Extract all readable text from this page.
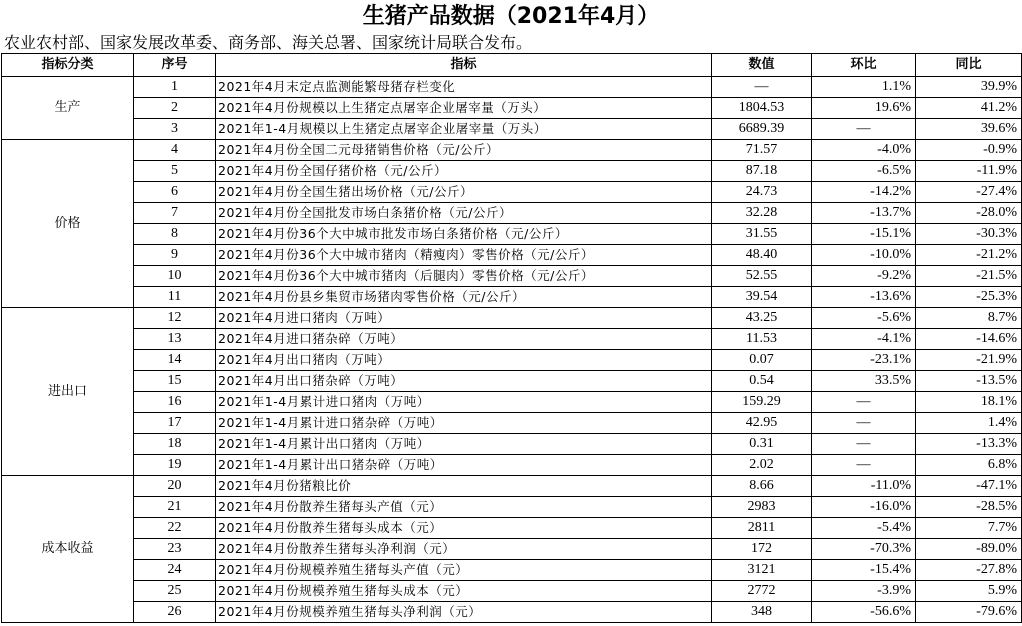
生猪产品数据（2021年4月）
农业农村部、国家发展改革委、商务部、海关总署、国家统计局联合发布。
指标分类	序号	指标	数值	环比	同比
生产	1	2021年4月末定点监测能繁母猪存栏变化	—	1.1%	39.9%
	2	2021年4月份规模以上生猪定点屠宰企业屠宰量（万头）	1804.53	19.6%	41.2%
	3	2021年1-4月规模以上生猪定点屠宰企业屠宰量（万头）	6689.39	—	39.6%
价格	4	2021年4月份全国二元母猪销售价格（元/公斤）	71.57	-4.0%	-0.9%
	5	2021年4月份全国仔猪价格（元/公斤）	87.18	-6.5%	-11.9%
	6	2021年4月份全国生猪出场价格（元/公斤）	24.73	-14.2%	-27.4%
	7	2021年4月份全国批发市场白条猪价格（元/公斤）	32.28	-13.7%	-28.0%
	8	2021年4月份36个大中城市批发市场白条猪价格（元/公斤）	31.55	-15.1%	-30.3%
	9	2021年4月份36个大中城市猪肉（精瘦肉）零售价格（元/公斤）	48.40	-10.0%	-21.2%
	10	2021年4月份36个大中城市猪肉（后腿肉）零售价格（元/公斤）	52.55	-9.2%	-21.5%
	11	2021年4月份县乡集贸市场猪肉零售价格（元/公斤）	39.54	-13.6%	-25.3%
进出口	12	2021年4月进口猪肉（万吨）	43.25	-5.6%	8.7%
	13	2021年4月进口猪杂碎（万吨）	11.53	-4.1%	-14.6%
	14	2021年4月出口猪肉（万吨）	0.07	-23.1%	-21.9%
	15	2021年4月出口猪杂碎（万吨）	0.54	33.5%	-13.5%
	16	2021年1-4月累计进口猪肉（万吨）	159.29	—	18.1%
	17	2021年1-4月累计进口猪杂碎（万吨）	42.95	—	1.4%
	18	2021年1-4月累计出口猪肉（万吨）	0.31	—	-13.3%
	19	2021年1-4月累计出口猪杂碎（万吨）	2.02	—	6.8%
成本收益	20	2021年4月份猪粮比价	8.66	-11.0%	-47.1%
	21	2021年4月份散养生猪每头产值（元）	2983	-16.0%	-28.5%
	22	2021年4月份散养生猪每头成本（元）	2811	-5.4%	7.7%
	23	2021年4月份散养生猪每头净利润（元）	172	-70.3%	-89.0%
	24	2021年4月份规模养殖生猪每头产值（元）	3121	-15.4%	-27.8%
	25	2021年4月份规模养殖生猪每头成本（元）	2772	-3.9%	5.9%
	26	2021年4月份规模养殖生猪每头净利润（元）	348	-56.6%	-79.6%
